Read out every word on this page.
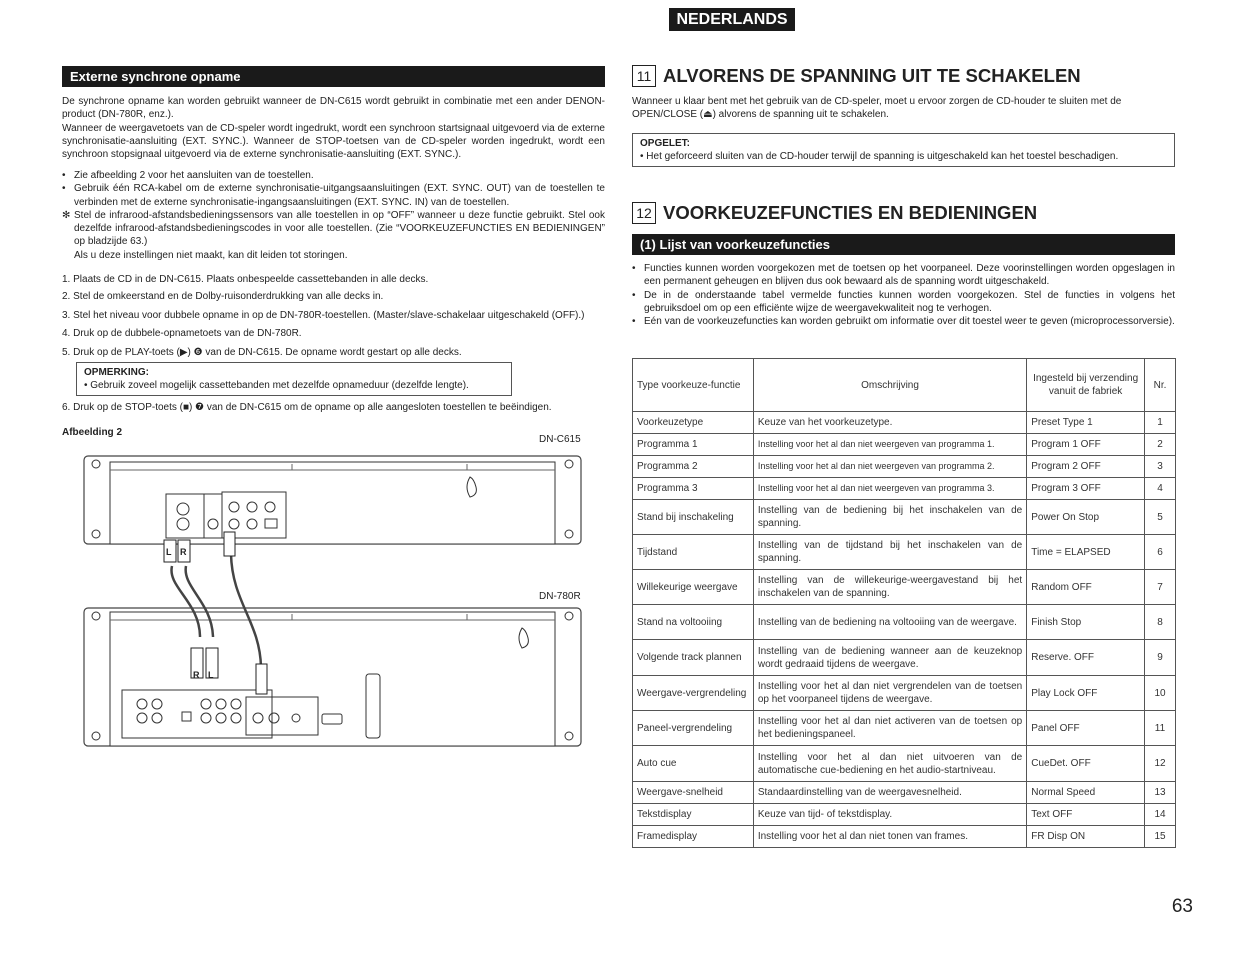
NEDERLANDS
Externe synchrone opname

De synchrone opname kan worden gebruikt wanneer de DN-C615 wordt gebruikt in combinatie met een ander DENON-product (DN-780R, enz.).

Wanneer de weergavetoets van de CD-speler wordt ingedrukt, wordt een synchroon startsignaal uitgevoerd via de externe synchronisatie-aansluiting (EXT. SYNC.). Wanneer de STOP-toetsen van de CD-speler worden ingedrukt, wordt een synchroon stopsignaal uitgevoerd via de externe synchronisatie-aansluiting (EXT. SYNC.).

• Zie afbeelding 2 voor het aansluiten van de toestellen.
• Gebruik één RCA-kabel om de externe synchronisatie-uitgangsaansluitingen (EXT. SYNC. OUT) van de toestellen te verbinden met de externe synchronisatie-ingangsaansluitingen (EXT. SYNC. IN) van de toestellen.
✻ Stel de infrarood-afstandsbedieningssensors van alle toestellen in op “OFF” wanneer u deze functie gebruikt. Stel ook dezelfde infrarood-afstandsbedieningscodes in voor alle toestellen. (Zie “VOORKEUZEFUNCTIES EN BEDIENINGEN” op bladzijde 63.)
Als u deze instellingen niet maakt, kan dit leiden tot storingen.
1. Plaats de CD in de DN-C615. Plaats onbespeelde cassettebanden in alle decks.
2. Stel de omkeerstand en de Dolby-ruisonderdrukking van alle decks in.
3. Stel het niveau voor dubbele opname in op de DN-780R-toestellen. (Master/slave-schakelaar uitgeschakeld (OFF).)
4. Druk op de dubbele-opnametoets van de DN-780R.
5. Druk op de PLAY-toets (▶) ❻ van de DN-C615. De opname wordt gestart op alle decks.
OPMERKING:
• Gebruik zoveel mogelijk cassettebanden met dezelfde opnameduur (dezelfde lengte).
6. Druk op de STOP-toets (■) ❼ van de DN-C615 om de opname op alle aangesloten toestellen te beëindigen.
Afbeelding 2
DN-C615
DN-780R
L R
R L
11 ALVORENS DE SPANNING UIT TE SCHAKELEN

Wanneer u klaar bent met het gebruik van de CD-speler, moet u ervoor zorgen de CD-houder te sluiten met de OPEN/CLOSE (⏏) alvorens de spanning uit te schakelen.

OPGELET:
• Het geforceerd sluiten van de CD-houder terwijl de spanning is uitgeschakeld kan het toestel beschadigen.
12 VOORKEUZEFUNCTIES EN BEDIENINGEN
(1) Lijst van voorkeuzefuncties
• Functies kunnen worden voorgekozen met de toetsen op het voorpaneel. Deze voorinstellingen worden opgeslagen in een permanent geheugen en blijven dus ook bewaard als de spanning wordt uitgeschakeld.
• De in de onderstaande tabel vermelde functies kunnen worden voorgekozen. Stel de functies in volgens het gebruiksdoel om op een efficiënte wijze de weergavekwaliteit nog te verhogen.
• Eén van de voorkeuzefuncties kan worden gebruikt om informatie over dit toestel weer te geven (microprocessorversie).
Type voorkeuze-functie	Omschrijving	Ingesteld bij verzending vanuit de fabriek	Nr.
Voorkeuzetype	Keuze van het voorkeuzetype.	Preset Type 1	1
Programma 1	Instelling voor het al dan niet weergeven van programma 1.	Program 1 OFF	2
Programma 2	Instelling voor het al dan niet weergeven van programma 2.	Program 2 OFF	3
Programma 3	Instelling voor het al dan niet weergeven van programma 3.	Program 3 OFF	4
Stand bij inschakeling	Instelling van de bediening bij het inschakelen van de spanning.	Power On Stop	5
Tijdstand	Instelling van de tijdstand bij het inschakelen van de spanning.	Time = ELAPSED	6
Willekeurige weergave	Instelling van de willekeurige-weergavestand bij het inschakelen van de spanning.	Random OFF	7
Stand na voltooiing	Instelling van de bediening na voltooiing van de weergave.	Finish Stop	8
Volgende track plannen	Instelling van de bediening wanneer aan de keuzeknop wordt gedraaid tijdens de weergave.	Reserve. OFF	9
Weergave-vergrendeling	Instelling voor het al dan niet vergrendelen van de toetsen op het voorpaneel tijdens de weergave.	Play Lock OFF	10
Paneel-vergrendeling	Instelling voor het al dan niet activeren van de toetsen op het bedieningspaneel.	Panel OFF	11
Auto cue	Instelling voor het al dan niet uitvoeren van de automatische cue-bediening en het audio-startniveau.	CueDet. OFF	12
Weergave-snelheid	Standaardinstelling van de weergavesnelheid.	Normal Speed	13
Tekstdisplay	Keuze van tijd- of tekstdisplay.	Text OFF	14
Framedisplay	Instelling voor het al dan niet tonen van frames.	FR Disp ON	15
63
